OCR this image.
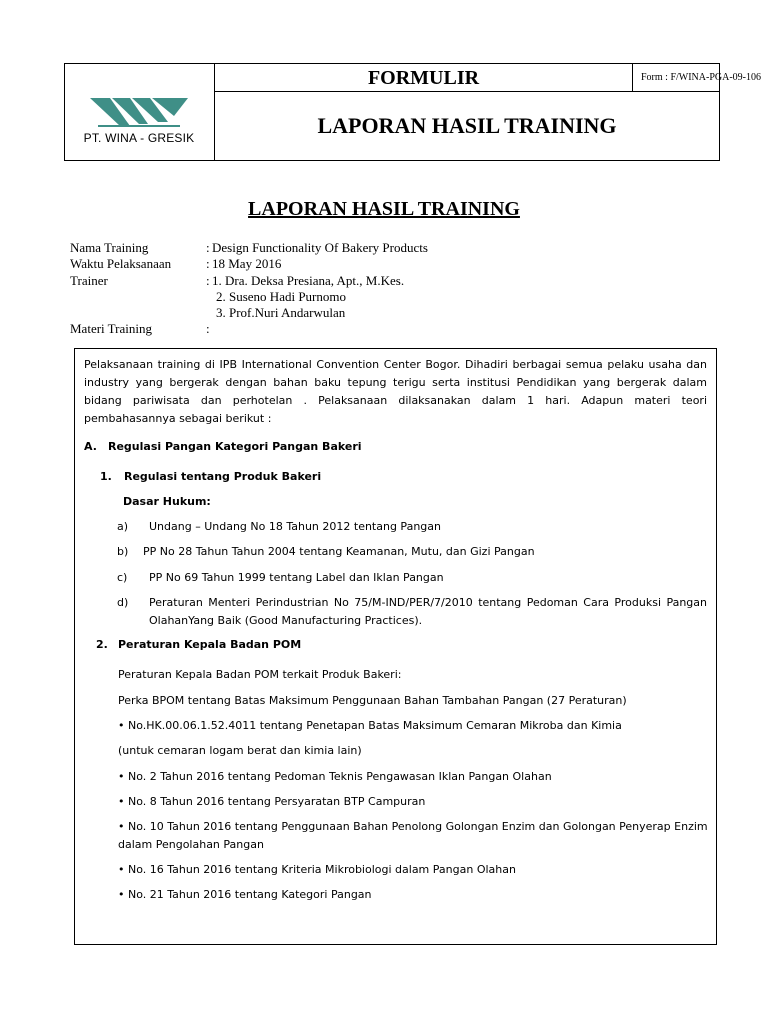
PT. WINA - GRESIK
FORMULIR	Form : F/WINA-PGA-09-106
LAPORAN HASIL TRAINING
LAPORAN HASIL TRAINING
Nama Training	: Design Functionality Of Bakery Products
Waktu Pelaksanaan	: 18 May 2016
Trainer	: 1. Dra. Deksa Presiana, Apt., M.Kes.
2. Suseno Hadi Purnomo
3. Prof.Nuri Andarwulan
Materi Training	:

Pelaksanaan training di IPB International Convention Center Bogor. Dihadiri berbagai semua pelaku usaha dan industry yang bergerak dengan bahan baku tepung terigu serta institusi Pendidikan yang bergerak dalam bidang pariwisata dan perhotelan . Pelaksanaan dilaksanakan dalam 1 hari. Adapun materi teori pembahasannya sebagai berikut :

A. Regulasi Pangan Kategori Pangan Bakeri

1. Regulasi tentang Produk Bakeri

Dasar Hukum:

a) Undang – Undang No 18 Tahun 2012 tentang Pangan

b) PP No 28 Tahun Tahun 2004 tentang Keamanan, Mutu, dan Gizi Pangan

c) PP No 69 Tahun 1999 tentang Label dan Iklan Pangan

d) Peraturan Menteri Perindustrian No 75/M-IND/PER/7/2010 tentang Pedoman Cara Produksi Pangan OlahanYang Baik (Good Manufacturing Practices).

2. Peraturan Kepala Badan POM

Peraturan Kepala Badan POM terkait Produk Bakeri:

Perka BPOM tentang Batas Maksimum Penggunaan Bahan Tambahan Pangan (27 Peraturan)

• No.HK.00.06.1.52.4011 tentang Penetapan Batas Maksimum Cemaran Mikroba dan Kimia

(untuk cemaran logam berat dan kimia lain)

• No. 2 Tahun 2016 tentang Pedoman Teknis Pengawasan Iklan Pangan Olahan

• No. 8 Tahun 2016 tentang Persyaratan BTP Campuran

• No. 10 Tahun 2016 tentang Penggunaan Bahan Penolong Golongan Enzim dan Golongan Penyerap Enzim dalam Pengolahan Pangan

• No. 16 Tahun 2016 tentang Kriteria Mikrobiologi dalam Pangan Olahan

• No. 21 Tahun 2016 tentang Kategori Pangan
